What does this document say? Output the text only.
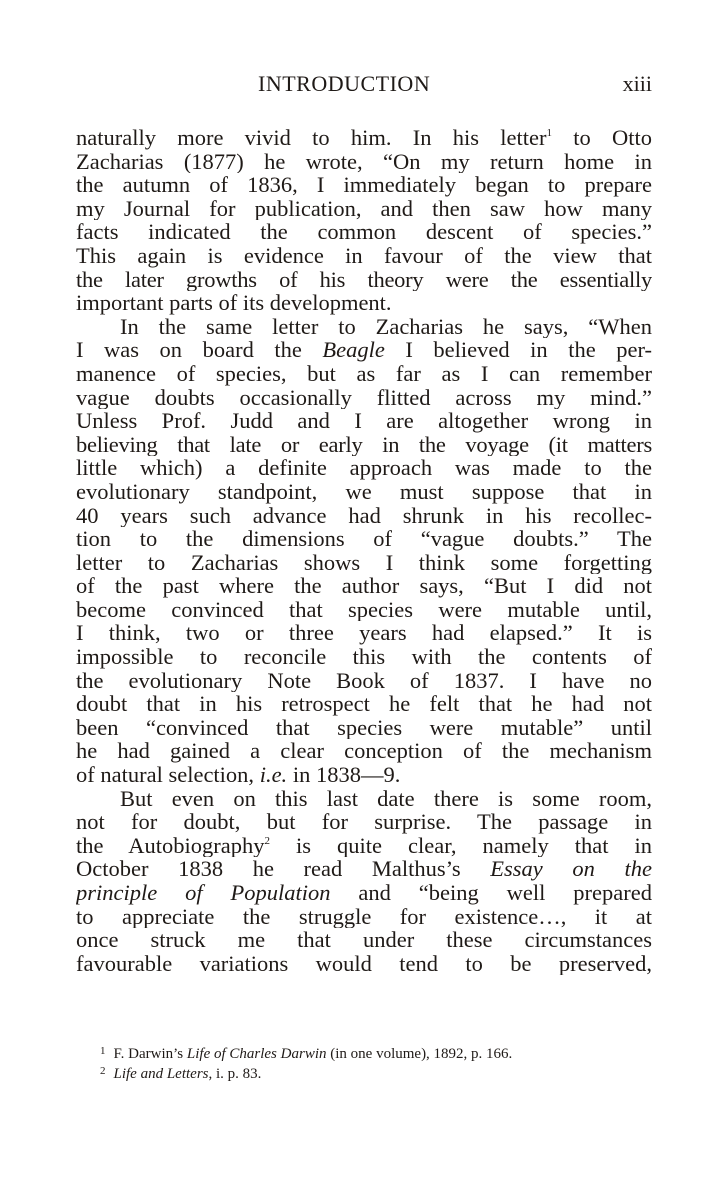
INTRODUCTION	xiii
naturally more vivid to him. In his letter$^1$ to Otto
Zacharias (1877) he wrote, “On my return home in
the autumn of 1836, I immediately began to prepare
my Journal for publication, and then saw how many
facts indicated the common descent of species.”
This again is evidence in favour of the view that
the later growths of his theory were the essentially
important parts of its development.
In the same letter to Zacharias he says, “When
I was on board the Beagle I believed in the per-
manence of species, but as far as I can remember
vague doubts occasionally flitted across my mind.”
Unless Prof. Judd and I are altogether wrong in
believing that late or early in the voyage (it matters
little which) a definite approach was made to the
evolutionary standpoint, we must suppose that in
40 years such advance had shrunk in his recollec-
tion to the dimensions of “vague doubts.” The
letter to Zacharias shows I think some forgetting
of the past where the author says, “But I did not
become convinced that species were mutable until,
I think, two or three years had elapsed.” It is
impossible to reconcile this with the contents of
the evolutionary Note Book of 1837. I have no
doubt that in his retrospect he felt that he had not
been “convinced that species were mutable” until
he had gained a clear conception of the mechanism
of natural selection, i.e. in 1838—9.
But even on this last date there is some room,
not for doubt, but for surprise. The passage in
the Autobiography$^2$ is quite clear, namely that in
October 1838 he read Malthus’s Essay on the
principle of Population and “being well prepared
to appreciate the struggle for existence…, it at
once struck me that under these circumstances
favourable variations would tend to be preserved,
$^1$ F. Darwin’s Life of Charles Darwin (in one volume), 1892, p. 166.
$^2$ Life and Letters, i. p. 83.
